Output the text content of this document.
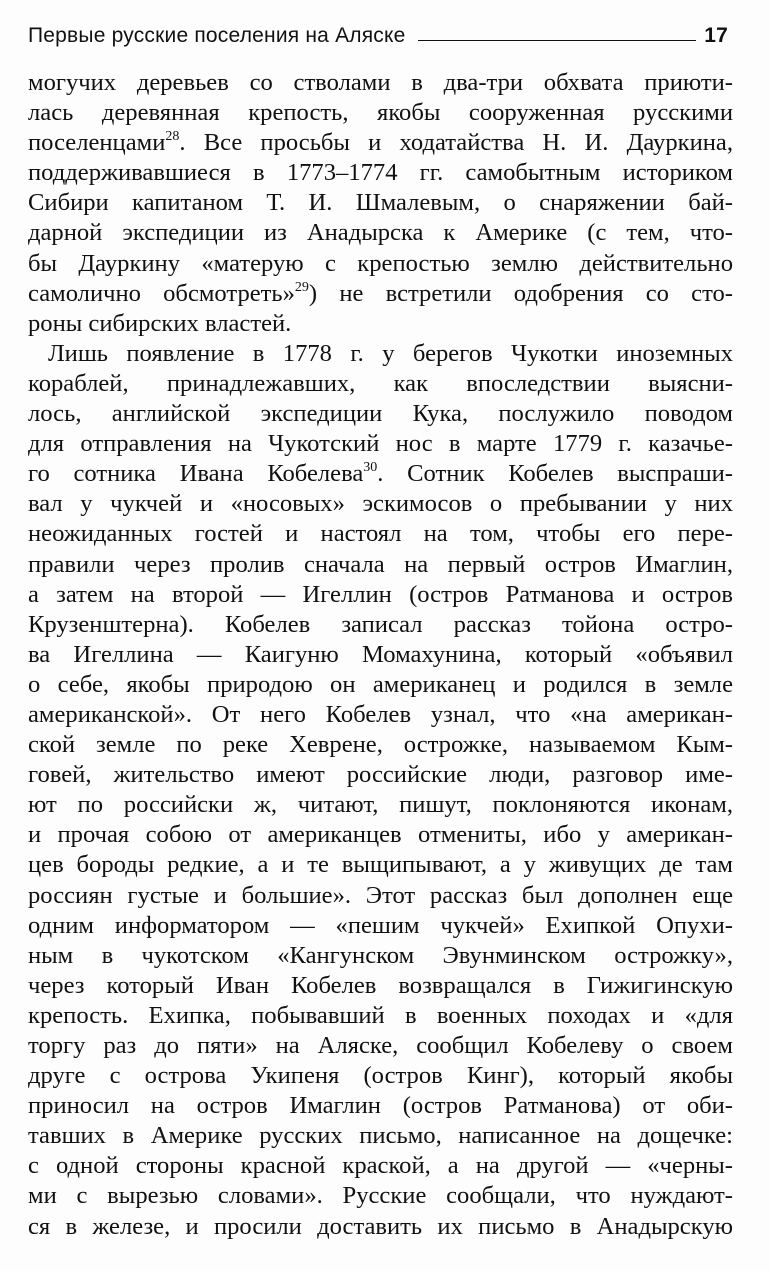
Первые русские поселения на Аляске	17
могучих деревьев со стволами в два-три обхвата приюти-
лась деревянная крепость, якобы сооруженная русскими
поселенцами$^{28}$. Все просьбы и ходатайства Н. И. Дауркина,
поддерживавшиеся в 1773–1774 гг. самобытным историком
Сибири капитаном Т. И. Шмалевым, о снаряжении бай-
дарной экспедиции из Анадырска к Америке (с тем, что-
бы Дауркину «матерую с крепостью землю действительно
самолично обсмотреть»$^{29}$) не встретили одобрения со сто-
роны сибирских властей.
Лишь появление в 1778 г. у берегов Чукотки иноземных
кораблей, принадлежавших, как впоследствии выясни-
лось, английской экспедиции Кука, послужило поводом
для отправления на Чукотский нос в марте 1779 г. казачье-
го сотника Ивана Кобелева$^{30}$. Сотник Кобелев выспраши-
вал у чукчей и «носовых» эскимосов о пребывании у них
неожиданных гостей и настоял на том, чтобы его пере-
правили через пролив сначала на первый остров Имаглин,
а затем на второй — Игеллин (остров Ратманова и остров
Крузенштерна). Кобелев записал рассказ тойона остро-
ва Игеллина — Каигуню Момахунина, который «объявил
о себе, якобы природою он американец и родился в земле
американской». От него Кобелев узнал, что «на американ-
ской земле по реке Хеврене, острожке, называемом Кым-
говей, жительство имеют российские люди, разговор име-
ют по российски ж, читают, пишут, поклоняются иконам,
и прочая собою от американцев отмениты, ибо у американ-
цев бороды редкие, а и те выщипывают, а у живущих де там
россиян густые и большие». Этот рассказ был дополнен еще
одним информатором — «пешим чукчей» Ехипкой Опухи-
ным в чукотском «Кангунском Эвунминском острожку»,
через который Иван Кобелев возвращался в Гижигинскую
крепость. Ехипка, побывавший в военных походах и «для
торгу раз до пяти» на Аляске, сообщил Кобелеву о своем
друге с острова Укипеня (остров Кинг), который якобы
приносил на остров Имаглин (остров Ратманова) от оби-
тавших в Америке русских письмо, написанное на дощечке:
с одной стороны красной краской, а на другой — «черны-
ми с вырезью словами». Русские сообщали, что нуждают-
ся в железе, и просили доставить их письмо в Анадырскую
